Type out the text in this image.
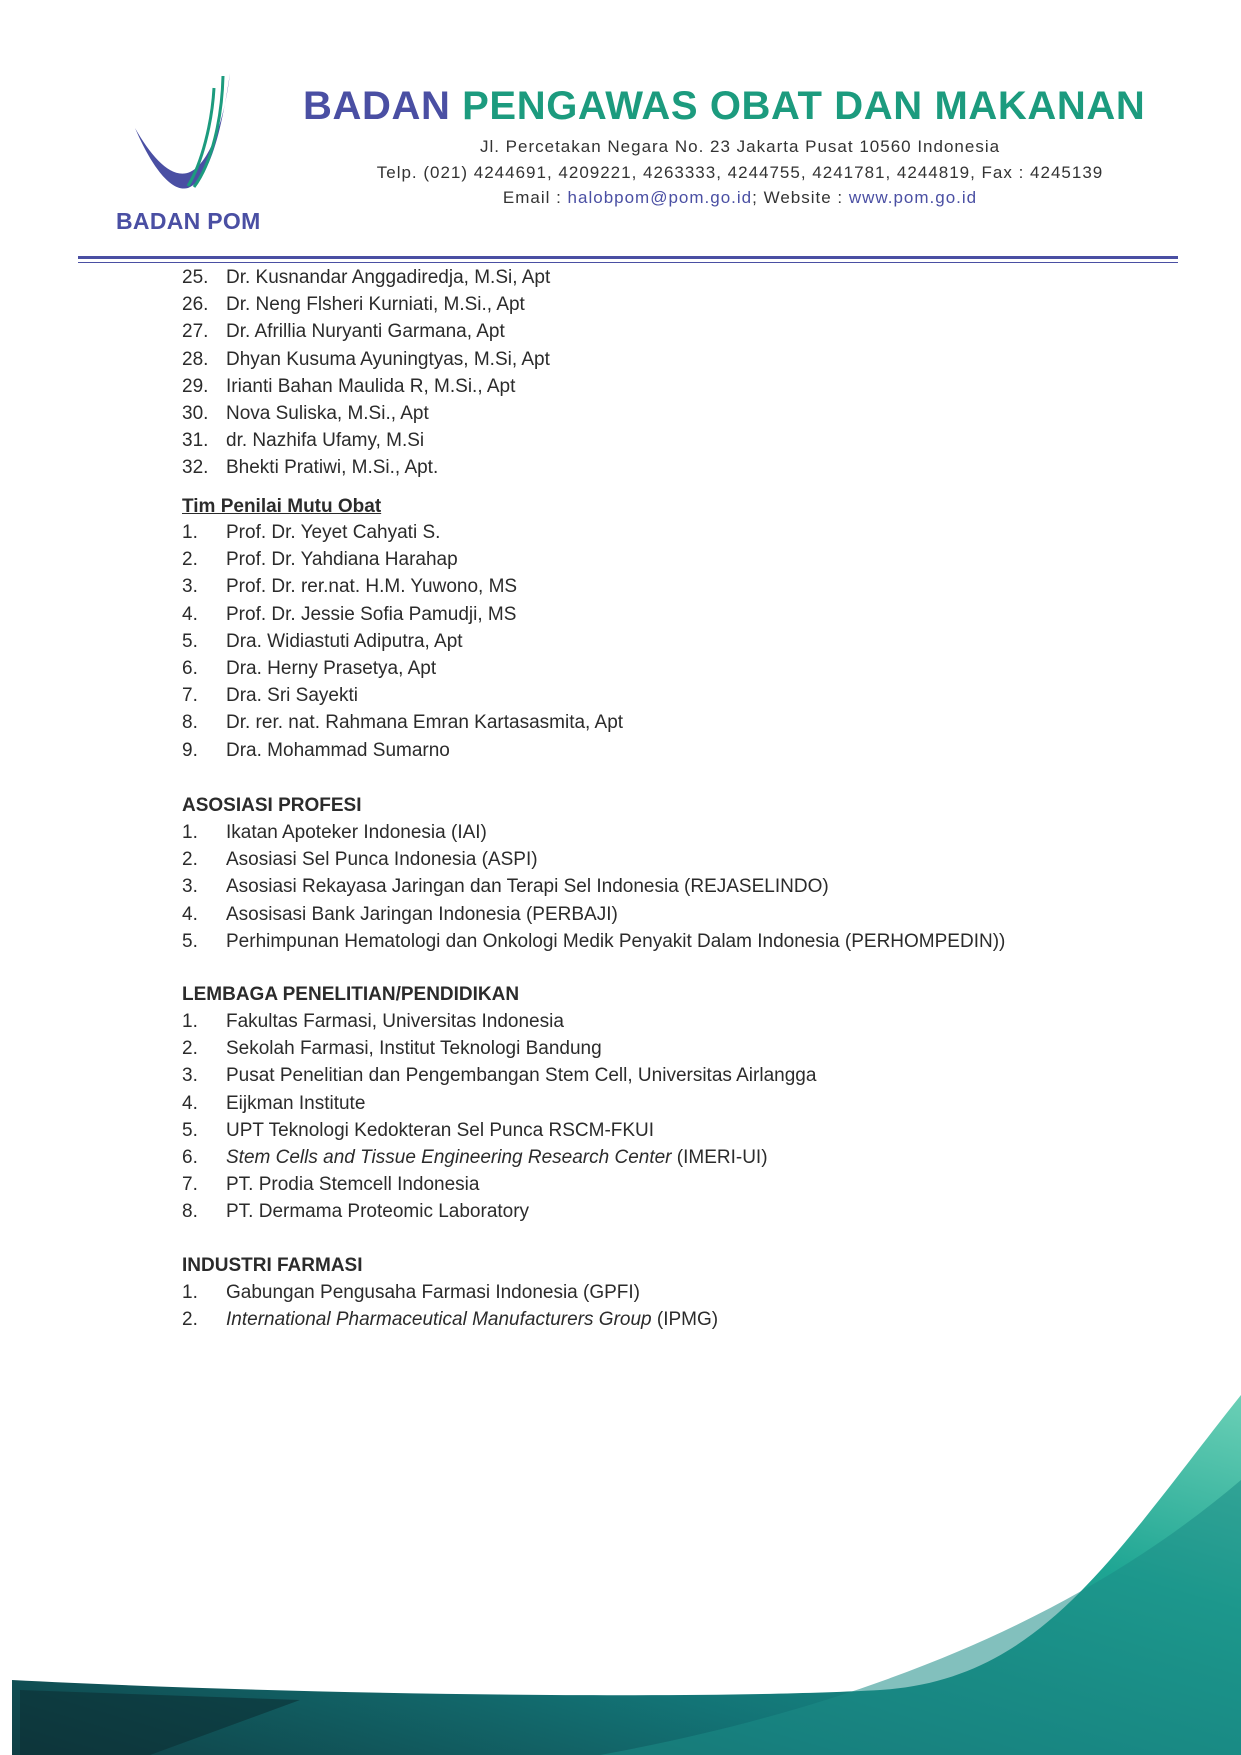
BADAN POM
BADAN PENGAWAS OBAT DAN MAKANAN
Jl. Percetakan Negara No. 23 Jakarta Pusat 10560 Indonesia
Telp. (021) 4244691, 4209221, 4263333, 4244755, 4241781, 4244819, Fax : 4245139
Email : halobpom@pom.go.id; Website : www.pom.go.id
25. Dr. Kusnandar Anggadiredja, M.Si, Apt
26. Dr. Neng Flsheri Kurniati, M.Si., Apt
27. Dr. Afrillia Nuryanti Garmana, Apt
28. Dhyan Kusuma Ayuningtyas, M.Si, Apt
29. Irianti Bahan Maulida R, M.Si., Apt
30. Nova Suliska, M.Si., Apt
31. dr. Nazhifa Ufamy, M.Si
32. Bhekti Pratiwi, M.Si., Apt.
Tim Penilai Mutu Obat
1. Prof. Dr. Yeyet Cahyati S.
2. Prof. Dr. Yahdiana Harahap
3. Prof. Dr. rer.nat. H.M. Yuwono, MS
4. Prof. Dr. Jessie Sofia Pamudji, MS
5. Dra. Widiastuti Adiputra, Apt
6. Dra. Herny Prasetya, Apt
7. Dra. Sri Sayekti
8. Dr. rer. nat. Rahmana Emran Kartasasmita, Apt
9. Dra. Mohammad Sumarno
ASOSIASI PROFESI
1. Ikatan Apoteker Indonesia (IAI)
2. Asosiasi Sel Punca Indonesia (ASPI)
3. Asosiasi Rekayasa Jaringan dan Terapi Sel Indonesia (REJASELINDO)
4. Asosisasi Bank Jaringan Indonesia (PERBAJI)
5. Perhimpunan Hematologi dan Onkologi Medik Penyakit Dalam Indonesia (PERHOMPEDIN))
LEMBAGA PENELITIAN/PENDIDIKAN
1. Fakultas Farmasi, Universitas Indonesia
2. Sekolah Farmasi, Institut Teknologi Bandung
3. Pusat Penelitian dan Pengembangan Stem Cell, Universitas Airlangga
4. Eijkman Institute
5. UPT Teknologi Kedokteran Sel Punca RSCM-FKUI
6. Stem Cells and Tissue Engineering Research Center (IMERI-UI)
7. PT. Prodia Stemcell Indonesia
8. PT. Dermama Proteomic Laboratory
INDUSTRI FARMASI
1. Gabungan Pengusaha Farmasi Indonesia (GPFI)
2. International Pharmaceutical Manufacturers Group (IPMG)
